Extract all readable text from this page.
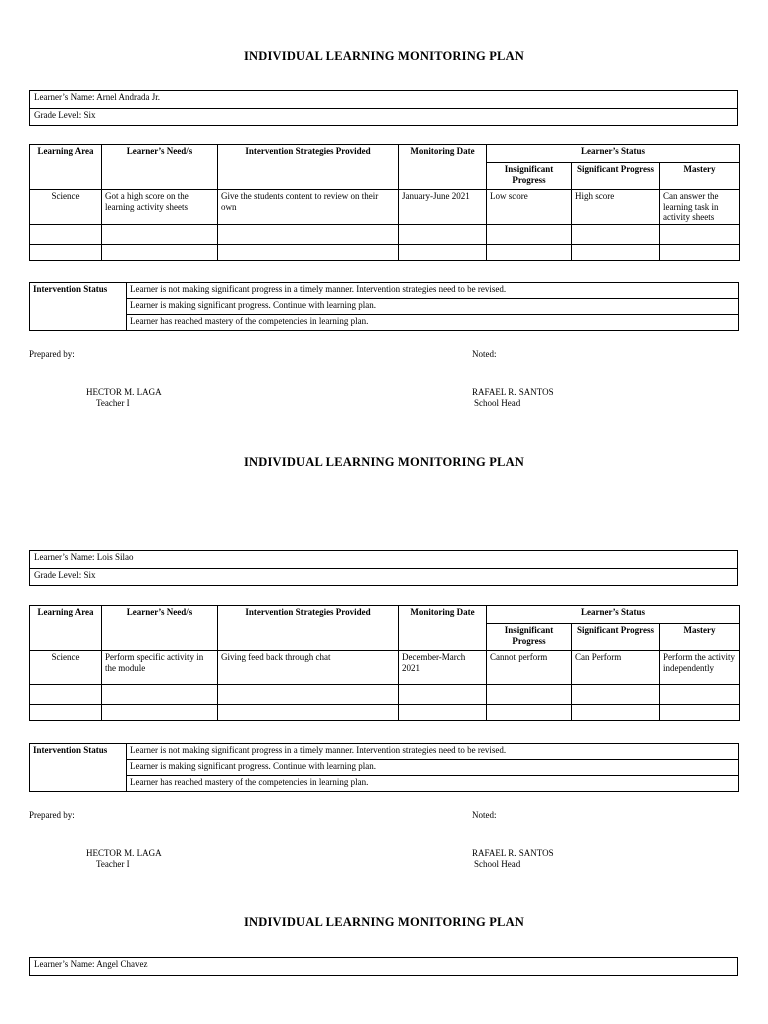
INDIVIDUAL LEARNING MONITORING PLAN
Learner’s Name: Arnel Andrada Jr.
Grade Level: Six
Learning Area	Learner’s Need/s	Intervention Strategies Provided	Monitoring Date	Learner’s Status		
				Insignificant Progress	Significant Progress	Mastery
Science	Got a high score on the learning activity sheets	Give the students content to review on their own	January-June 2021	Low score	High score	Can answer the learning task in activity sheets

Intervention Status	Learner is not making significant progress in a timely manner. Intervention strategies need to be revised.
Learner is making significant progress. Continue with learning plan.
Learner has reached mastery of the competencies in learning plan.
Prepared by:	Noted:
HECTOR M. LAGA
Teacher I
RAFAEL R. SANTOS
School Head
INDIVIDUAL LEARNING MONITORING PLAN
Learner’s Name: Lois Silao
Grade Level: Six
Learning Area	Learner’s Need/s	Intervention Strategies Provided	Monitoring Date	Learner’s Status		
				Insignificant Progress	Significant Progress	Mastery
Science	Perform specific activity in the module	Giving feed back through chat	December-March 2021	Cannot perform	Can Perform	Perform the activity independently

Intervention Status	Learner is not making significant progress in a timely manner. Intervention strategies need to be revised.
Learner is making significant progress. Continue with learning plan.
Learner has reached mastery of the competencies in learning plan.
Prepared by:	Noted:
HECTOR M. LAGA
Teacher I
RAFAEL R. SANTOS
School Head
INDIVIDUAL LEARNING MONITORING PLAN
Learner’s Name: Angel Chavez
